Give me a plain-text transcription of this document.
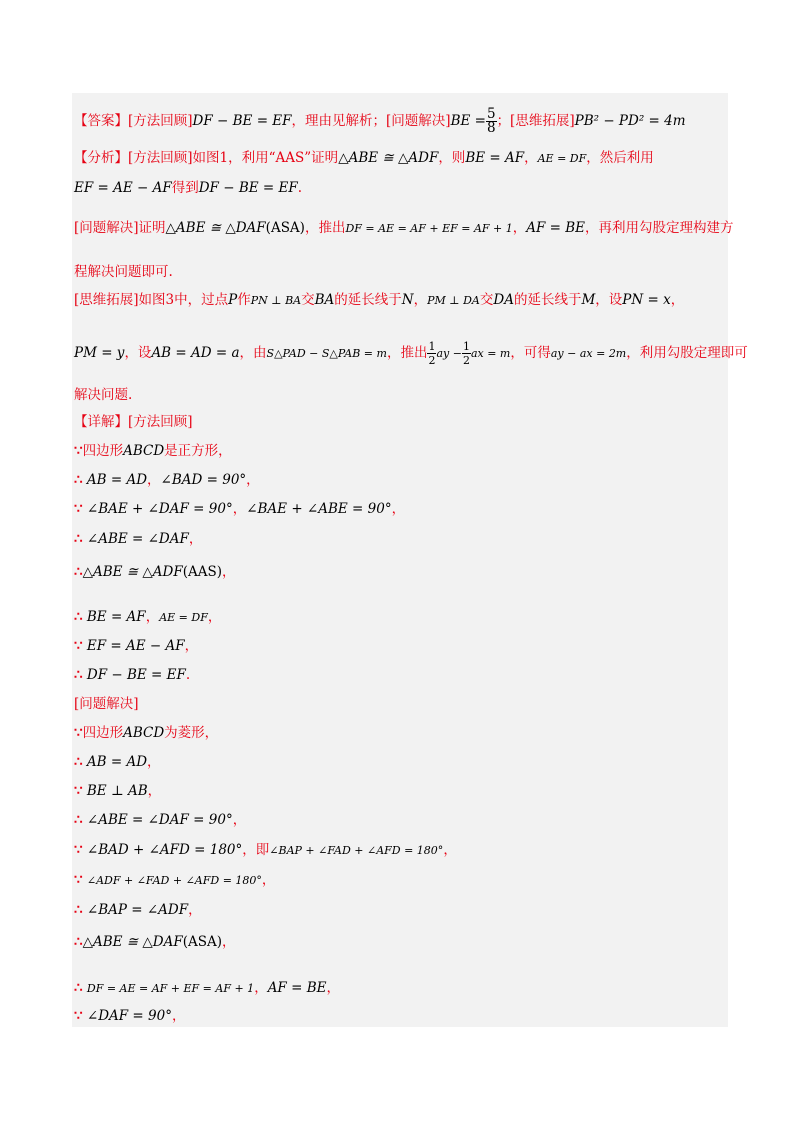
【答案】[方法回顾]DF − BE = EF，理由见解析；[问题解决]$BE = \frac{5}{8}$ ；[思维拓展]PB² − PD² = 4m
【分析】[方法回顾]如图1，利用“AAS”证明△ABE ≅ △ADF，则BE = AF，AE = DF，然后利用
EF = AE − AF得到DF − BE = EF.
[问题解决]证明△ABE ≅ △DAF(ASA)，推出DF = AE = AF + EF = AF + 1，AF = BE，再利用勾股定理构建方
程解决问题即可.
[思维拓展]如图3中，过点P作PN ⊥ BA交BA的延长线于N，PM ⊥ DA交DA的延长线于M，设PN = x，
PM = y，设AB = AD = a，由S△PAD − S△PAB = m，推出 $\frac{1}{2}$ ay − $\frac{1}{2}$ ax = m，可得ay − ax = 2m，利用勾股定理即可
解决问题.
【详解】[方法回顾]
∵四边形ABCD是正方形，
∴ AB = AD，∠BAD = 90°，
∵ ∠BAE + ∠DAF = 90°，∠BAE + ∠ABE = 90°，
∴ ∠ABE = ∠DAF，
∴△ABE ≅ △ADF(AAS)，
∴ BE = AF，AE = DF，
∵ EF = AE − AF，
∴ DF − BE = EF.
[问题解决]
∵四边形ABCD为菱形，
∴ AB = AD，
∵ BE ⊥ AB，
∴ ∠ABE = ∠DAF = 90°，
∵ ∠BAD + ∠AFD = 180°，即∠BAP + ∠FAD + ∠AFD = 180°，
∵ ∠ADF + ∠FAD + ∠AFD = 180°，
∴ ∠BAP = ∠ADF，
∴△ABE ≅ △DAF(ASA)，
∴ DF = AE = AF + EF = AF + 1，AF = BE，
∵ ∠DAF = 90°，
